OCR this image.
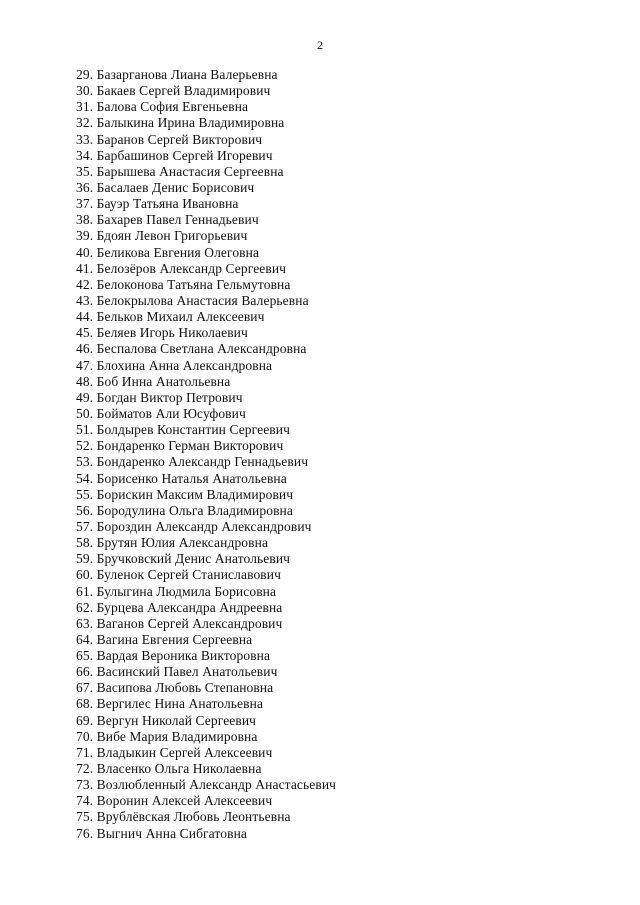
2
29. Базарганова Лиана Валерьевна
30. Бакаев Сергей Владимирович
31. Балова София Евгеньевна
32. Балыкина Ирина Владимировна
33. Баранов Сергей Викторович
34. Барбашинов Сергей Игоревич
35. Барышева Анастасия Сергеевна
36. Басалаев Денис Борисович
37. Бауэр Татьяна Ивановна
38. Бахарев Павел Геннадьевич
39. Бдоян Левон Григорьевич
40. Беликова Евгения Олеговна
41. Белозёров Александр Сергеевич
42. Белоконова Татьяна Гельмутовна
43. Белокрылова Анастасия Валерьевна
44. Бельков Михаил Алексеевич
45. Беляев Игорь Николаевич
46. Беспалова Светлана Александровна
47. Блохина Анна Александровна
48. Боб Инна Анатольевна
49. Богдан Виктор Петрович
50. Бойматов Али Юсуфович
51. Болдырев Константин Сергеевич
52. Бондаренко Герман Викторович
53. Бондаренко Александр Геннадьевич
54. Борисенко Наталья Анатольевна
55. Борискин Максим Владимирович
56. Бородулина Ольга Владимировна
57. Бороздин Александр Александрович
58. Брутян Юлия Александровна
59. Бручковский Денис Анатольевич
60. Буленок Сергей Станиславович
61. Булыгина Людмила Борисовна
62. Бурцева Александра Андреевна
63. Ваганов Сергей Александрович
64. Вагина Евгения Сергеевна
65. Вардая Вероника Викторовна
66. Васинский Павел Анатольевич
67. Васипова Любовь Степановна
68. Вергилес Нина Анатольевна
69. Вергун Николай Сергеевич
70. Вибе Мария Владимировна
71. Владыкин Сергей Алексеевич
72. Власенко Ольга Николаевна
73. Возлюбленный Александр Анастасьевич
74. Воронин Алексей Алексеевич
75. Врублёвская Любовь Леонтьевна
76. Выгнич Анна Сибгатовна
